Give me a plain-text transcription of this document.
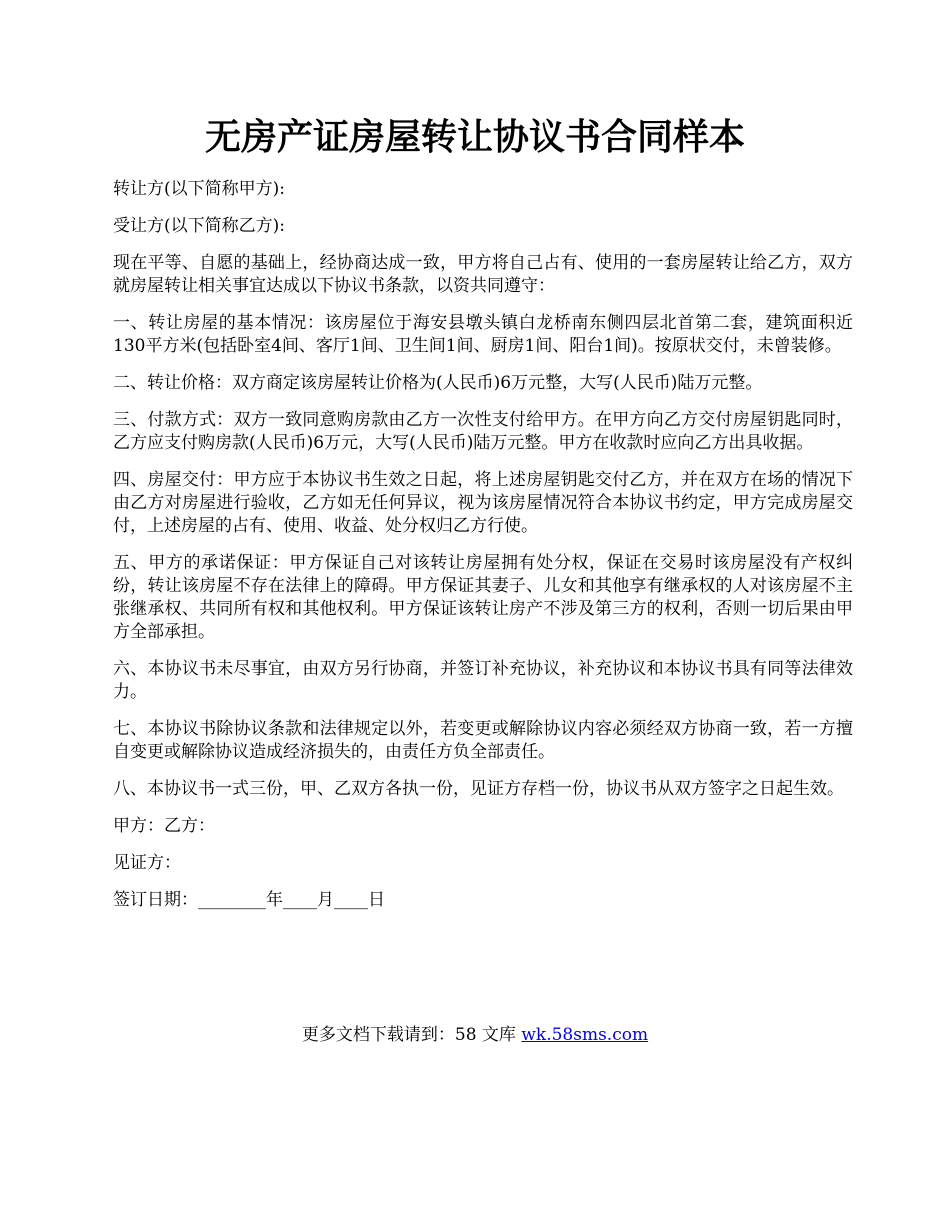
无房产证房屋转让协议书合同样本

转让方(以下简称甲方):

受让方(以下简称乙方):

现在平等、自愿的基础上，经协商达成一致，甲方将自己占有、使用的一套房屋转让给乙方，双方就房屋转让相关事宜达成以下协议书条款，以资共同遵守：

一、转让房屋的基本情况：该房屋位于海安县墩头镇白龙桥南东侧四层北首第二套，建筑面积近130平方米(包括卧室4间、客厅1间、卫生间1间、厨房1间、阳台1间)。按原状交付，未曾装修。

二、转让价格：双方商定该房屋转让价格为(人民币)6万元整，大写(人民币)陆万元整。

三、付款方式：双方一致同意购房款由乙方一次性支付给甲方。在甲方向乙方交付房屋钥匙同时，乙方应支付购房款(人民币)6万元，大写(人民币)陆万元整。甲方在收款时应向乙方出具收据。

四、房屋交付：甲方应于本协议书生效之日起，将上述房屋钥匙交付乙方，并在双方在场的情况下由乙方对房屋进行验收，乙方如无任何异议，视为该房屋情况符合本协议书约定，甲方完成房屋交付，上述房屋的占有、使用、收益、处分权归乙方行使。

五、甲方的承诺保证：甲方保证自己对该转让房屋拥有处分权，保证在交易时该房屋没有产权纠纷，转让该房屋不存在法律上的障碍。甲方保证其妻子、儿女和其他享有继承权的人对该房屋不主张继承权、共同所有权和其他权利。甲方保证该转让房产不涉及第三方的权利，否则一切后果由甲方全部承担。

六、本协议书未尽事宜，由双方另行协商，并签订补充协议，补充协议和本协议书具有同等法律效力。

七、本协议书除协议条款和法律规定以外，若变更或解除协议内容必须经双方协商一致，若一方擅自变更或解除协议造成经济损失的，由责任方负全部责任。

八、本协议书一式三份，甲、乙双方各执一份，见证方存档一份，协议书从双方签字之日起生效。

甲方：乙方：

见证方：

签订日期：________年____月____日

更多文档下载请到：58 文库 wk.58sms.com
